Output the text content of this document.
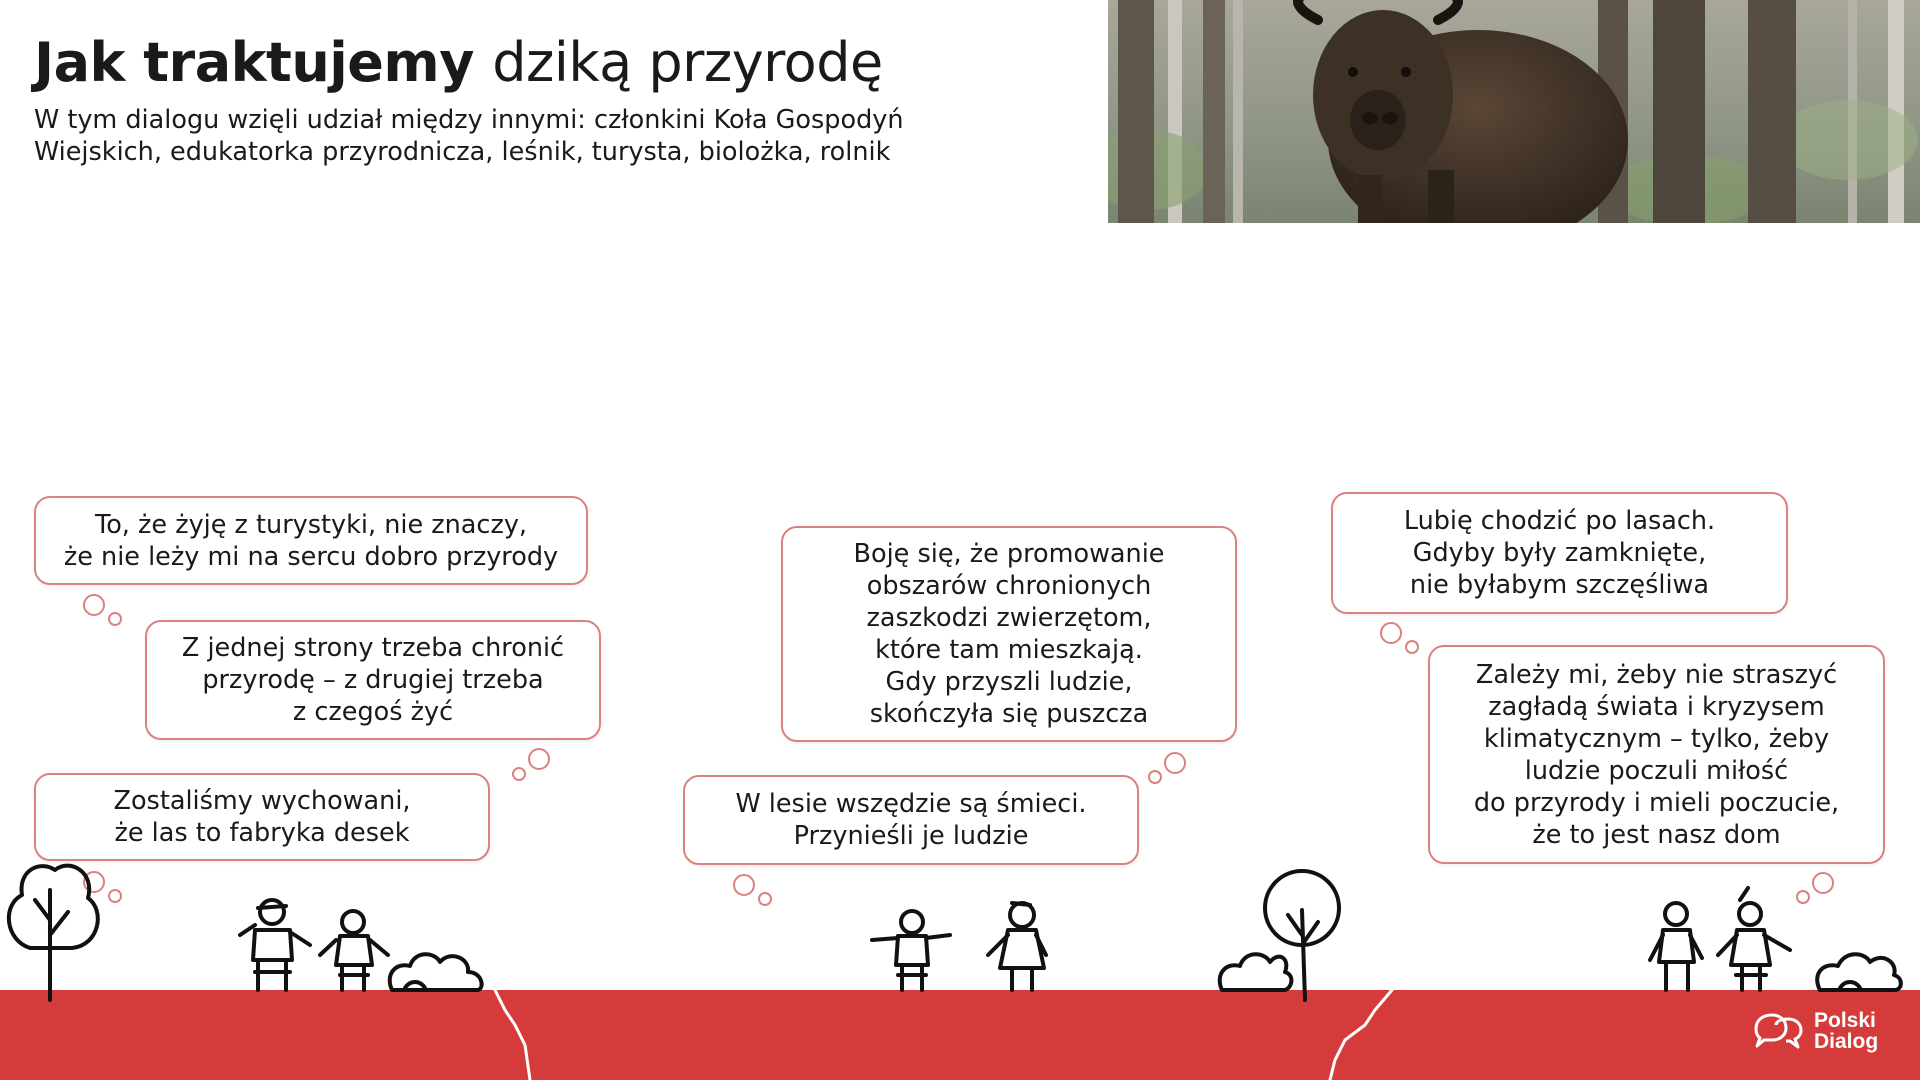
Jak traktujemy dziką przyrodę
W tym dialogu wzięli udział między innymi: członkini Koła Gospodyń
Wiejskich, edukatorka przyrodnicza, leśnik, turysta, biolożka, rolnik
To, że żyję z turystyki, nie znaczy,
że nie leży mi na sercu dobro przyrody
Z jednej strony trzeba chronić
przyrodę – z drugiej trzeba
z czegoś żyć
Zostaliśmy wychowani,
że las to fabryka desek
Boję się, że promowanie
obszarów chronionych
zaszkodzi zwierzętom,
które tam mieszkają.
Gdy przyszli ludzie,
skończyła się puszcza
W lesie wszędzie są śmieci.
Przynieśli je ludzie
Lubię chodzić po lasach.
Gdyby były zamknięte,
nie byłabym szczęśliwa
Zależy mi, żeby nie straszyć
zagładą świata i kryzysem
klimatycznym – tylko, żeby
ludzie poczuli miłość
do przyrody i mieli poczucie,
że to jest nasz dom
Polski
Dialog
